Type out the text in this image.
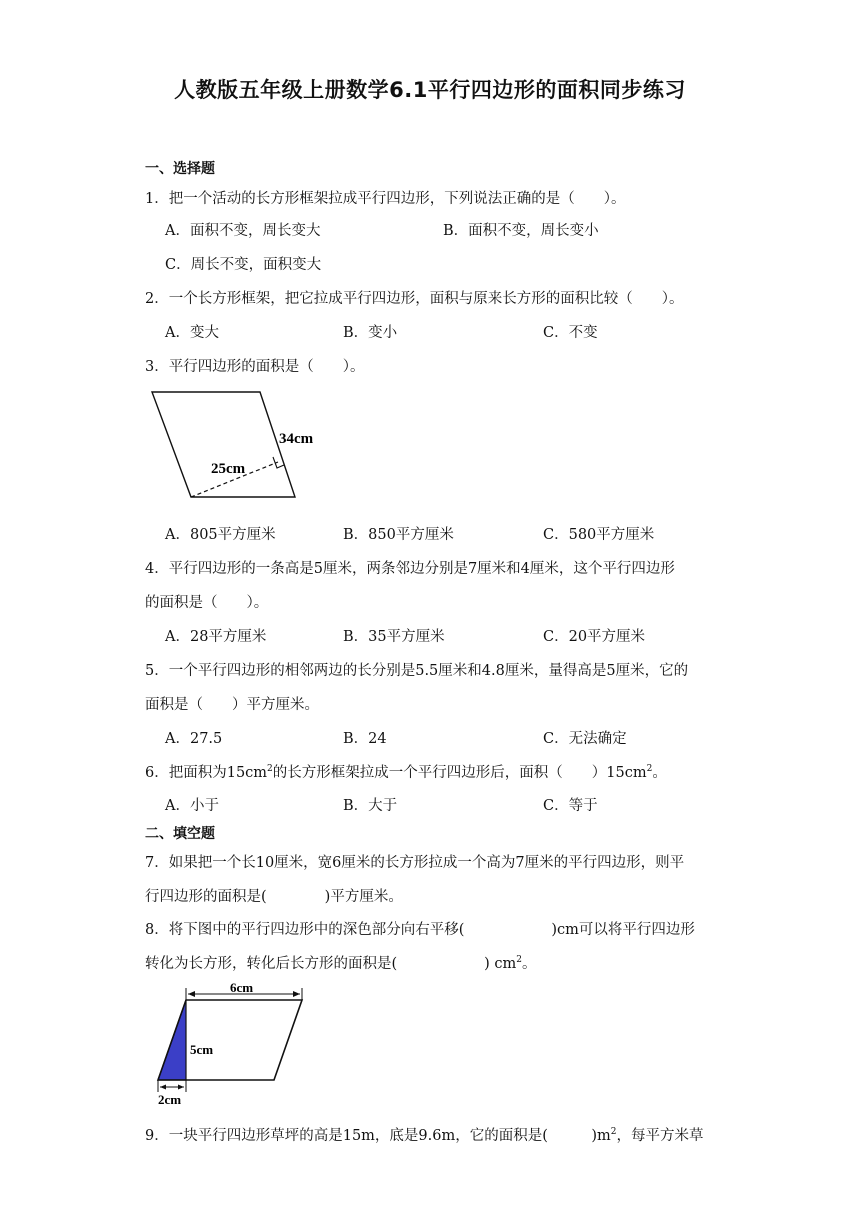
人教版五年级上册数学6.1平行四边形的面积同步练习
一、选择题
1．把一个活动的长方形框架拉成平行四边形，下列说法正确的是（　　）。
A．面积不变，周长变大	B．面积不变，周长变小
C．周长不变，面积变大
2．一个长方形框架，把它拉成平行四边形，面积与原来长方形的面积比较（　　）。
A．变大	B．变小	C．不变
3．平行四边形的面积是（　　）。
34cm
25cm
A．805平方厘米	B．850平方厘米	C．580平方厘米
4．平行四边形的一条高是5厘米，两条邻边分别是7厘米和4厘米，这个平行四边形
的面积是（　　）。
A．28平方厘米	B．35平方厘米	C．20平方厘米
5．一个平行四边形的相邻两边的长分别是5.5厘米和4.8厘米，量得高是5厘米，它的
面积是（　　）平方厘米。
A．27.5	B．24	C．无法确定
6．把面积为$15cm^2$的长方形框架拉成一个平行四边形后，面积（　　）$15cm^2$。
A．小于	B．大于	C．等于
二、填空题
7．如果把一个长10厘米，宽6厘米的长方形拉成一个高为7厘米的平行四边形，则平
行四边形的面积是(　　　　)平方厘米。
8．将下图中的平行四边形中的深色部分向右平移(　　　　　　)cm可以将平行四边形
转化为长方形，转化后长方形的面积是(　　　　　　) $cm^2$。
6cm
5cm
2cm
9．一块平行四边形草坪的高是15m，底是9.6m，它的面积是(　　　)$m^2$，每平方米草
